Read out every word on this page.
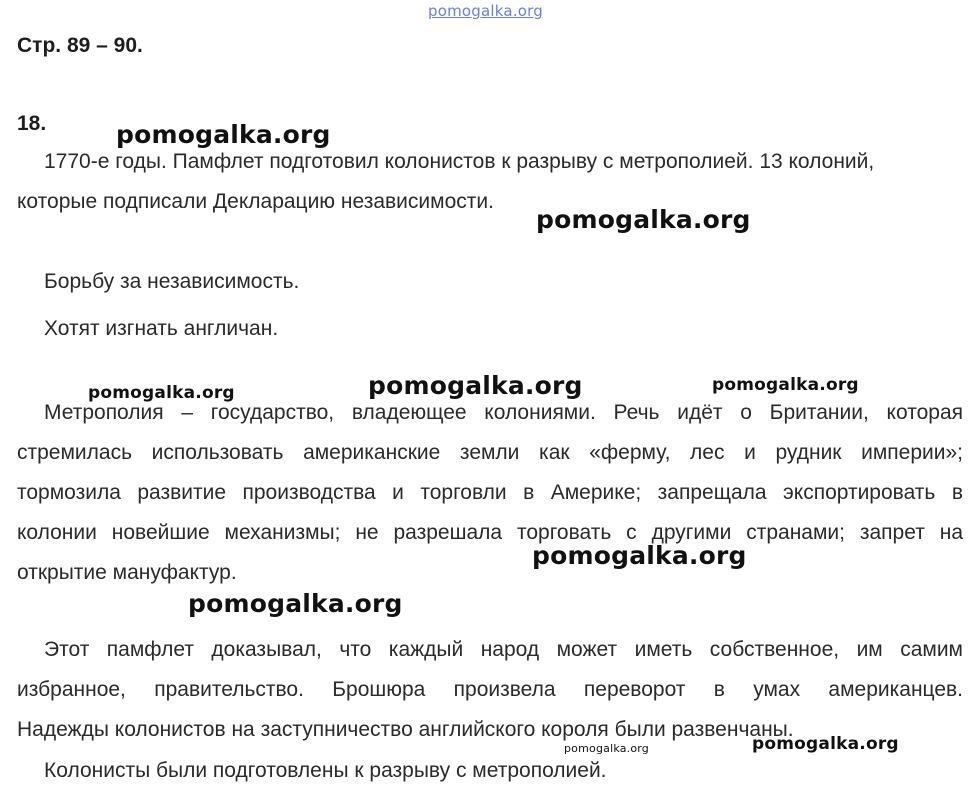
pomogalka.org
Стр. 89 – 90.
18.
1770-е годы. Памфлет подготовил колонистов к разрыву с метрополией. 13 колоний,
которые подписали Декларацию независимости.
Борьбу за независимость.
Хотят изгнать англичан.
Метрополия – государство, владеющее колониями. Речь идёт о Британии, которая
стремилась использовать американские земли как «ферму, лес и рудник империи»;
тормозила развитие производства и торговли в Америке; запрещала экспортировать в
колонии новейшие механизмы; не разрешала торговать с другими странами; запрет на
открытие мануфактур.
Этот памфлет доказывал, что каждый народ может иметь собственное, им самим
избранное, правительство. Брошюра произвела переворот в умах американцев.
Надежды колонистов на заступничество английского короля были развенчаны.
Колонисты были подготовлены к разрыву с метрополией.
pomogalka.org
pomogalka.org
pomogalka.org	pomogalka.org	pomogalka.org
pomogalka.org
pomogalka.org
pomogalka.org	pomogalka.org
